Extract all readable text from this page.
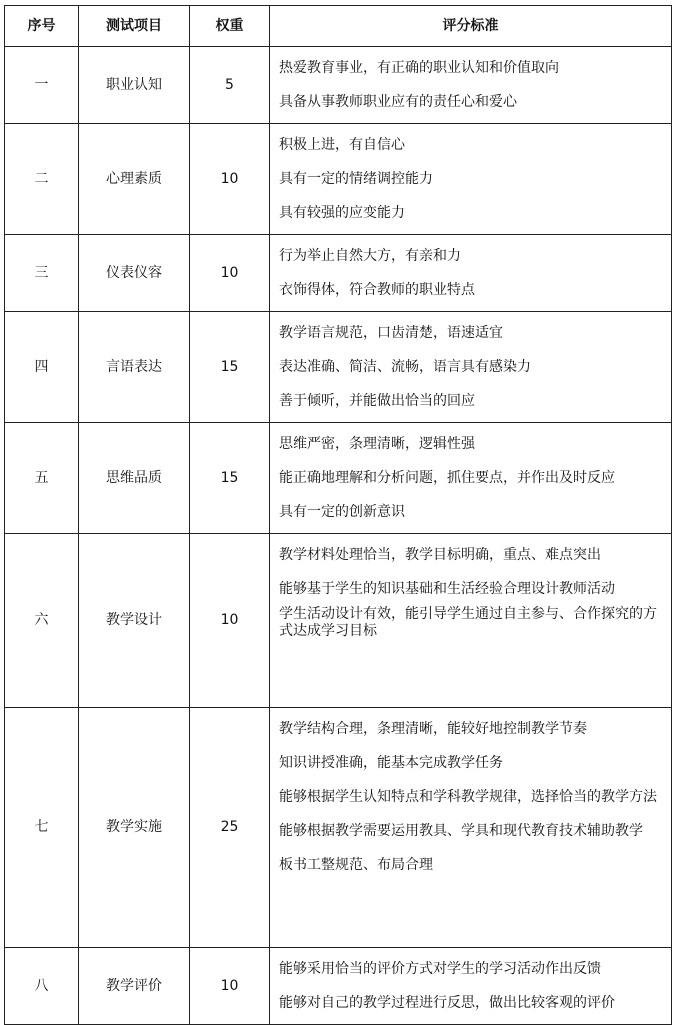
序号	测试项目	权重	评分标准
一	职业认知	5	热爱教育事业，有正确的职业认知和价值取向
具备从事教师职业应有的责任心和爱心

二	心理素质	10	积极上进，有自信心
具有一定的情绪调控能力
具有较强的应变能力

三	仪表仪容	10	行为举止自然大方，有亲和力
衣饰得体，符合教师的职业特点

四	言语表达	15	教学语言规范，口齿清楚，语速适宜
表达准确、简洁、流畅，语言具有感染力
善于倾听，并能做出恰当的回应

五	思维品质	15	思维严密，条理清晰，逻辑性强
能正确地理解和分析问题，抓住要点，并作出及时反应
具有一定的创新意识

六	教学设计	10	教学材料处理恰当，教学目标明确，重点、难点突出
能够基于学生的知识基础和生活经验合理设计教师活动
学生活动设计有效，能引导学生通过自主参与、合作探究的方式达成学习目标

七	教学实施	25	教学结构合理，条理清晰，能较好地控制教学节奏
知识讲授准确，能基本完成教学任务
能够根据学生认知特点和学科教学规律，选择恰当的教学方法
能够根据教学需要运用教具、学具和现代教育技术辅助教学
板书工整规范、布局合理

八	教学评价	10	能够采用恰当的评价方式对学生的学习活动作出反馈
能够对自己的教学过程进行反思，做出比较客观的评价
